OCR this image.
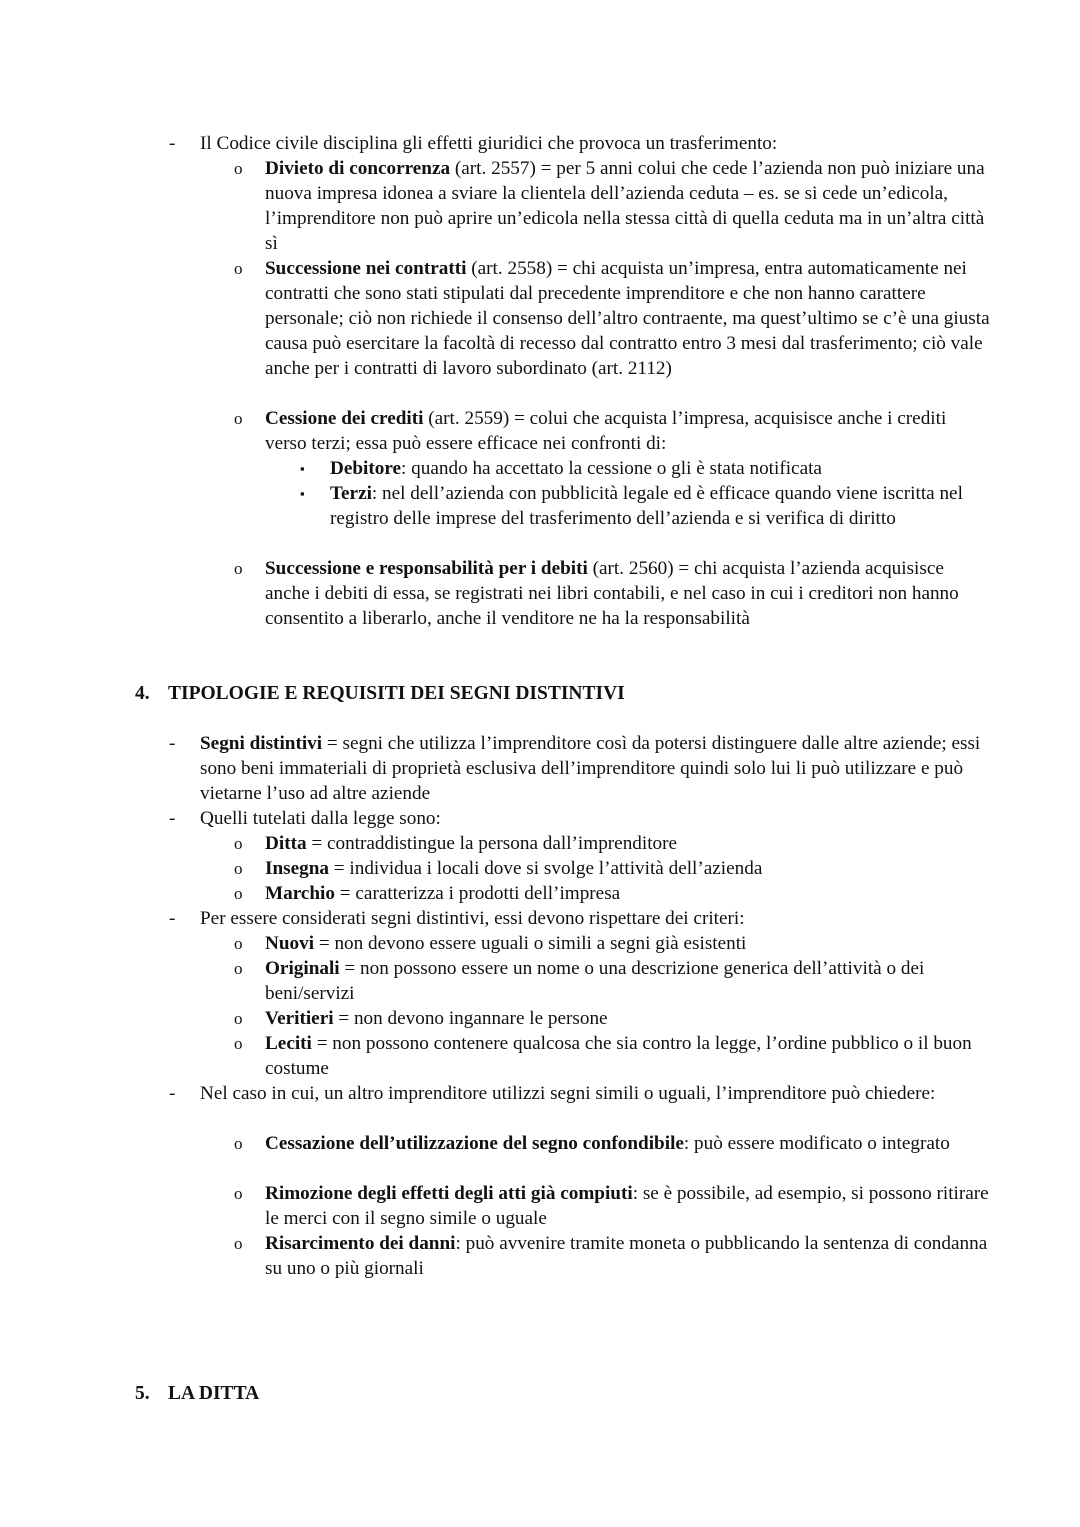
- Il Codice civile disciplina gli effetti giuridici che provoca un trasferimento:
o Divieto di concorrenza (art. 2557) = per 5 anni colui che cede l’azienda non può iniziare una nuova impresa idonea a sviare la clientela dell’azienda ceduta – es. se si cede un’edicola, l’imprenditore non può aprire un’edicola nella stessa città di quella ceduta ma in un’altra città sì
o Successione nei contratti (art. 2558) = chi acquista un’impresa, entra automaticamente nei contratti che sono stati stipulati dal precedente imprenditore e che non hanno carattere personale; ciò non richiede il consenso dell’altro contraente, ma quest’ultimo se c’è una giusta causa può esercitare la facoltà di recesso dal contratto entro 3 mesi dal trasferimento; ciò vale anche per i contratti di lavoro subordinato (art. 2112)
o Cessione dei crediti (art. 2559) = colui che acquista l’impresa, acquisisce anche i crediti verso terzi; essa può essere efficace nei confronti di:
▪ Debitore: quando ha accettato la cessione o gli è stata notificata
▪ Terzi: nel dell’azienda con pubblicità legale ed è efficace quando viene iscritta nel registro delle imprese del trasferimento dell’azienda e si verifica di diritto
o Successione e responsabilità per i debiti (art. 2560) = chi acquista l’azienda acquisisce anche i debiti di essa, se registrati nei libri contabili, e nel caso in cui i creditori non hanno consentito a liberarlo, anche il venditore ne ha la responsabilità
4. TIPOLOGIE E REQUISITI DEI SEGNI DISTINTIVI
- Segni distintivi = segni che utilizza l’imprenditore così da potersi distinguere dalle altre aziende; essi sono beni immateriali di proprietà esclusiva dell’imprenditore quindi solo lui li può utilizzare e può vietarne l’uso ad altre aziende
- Quelli tutelati dalla legge sono:
o Ditta = contraddistingue la persona dall’imprenditore
o Insegna = individua i locali dove si svolge l’attività dell’azienda
o Marchio = caratterizza i prodotti dell’impresa
- Per essere considerati segni distintivi, essi devono rispettare dei criteri:
o Nuovi = non devono essere uguali o simili a segni già esistenti
o Originali = non possono essere un nome o una descrizione generica dell’attività o dei beni/servizi
o Veritieri = non devono ingannare le persone
o Leciti = non possono contenere qualcosa che sia contro la legge, l’ordine pubblico o il buon costume
- Nel caso in cui, un altro imprenditore utilizzi segni simili o uguali, l’imprenditore può chiedere:
o Cessazione dell’utilizzazione del segno confondibile: può essere modificato o integrato
o Rimozione degli effetti degli atti già compiuti: se è possibile, ad esempio, si possono ritirare le merci con il segno simile o uguale
o Risarcimento dei danni: può avvenire tramite moneta o pubblicando la sentenza di condanna su uno o più giornali
5. LA DITTA
